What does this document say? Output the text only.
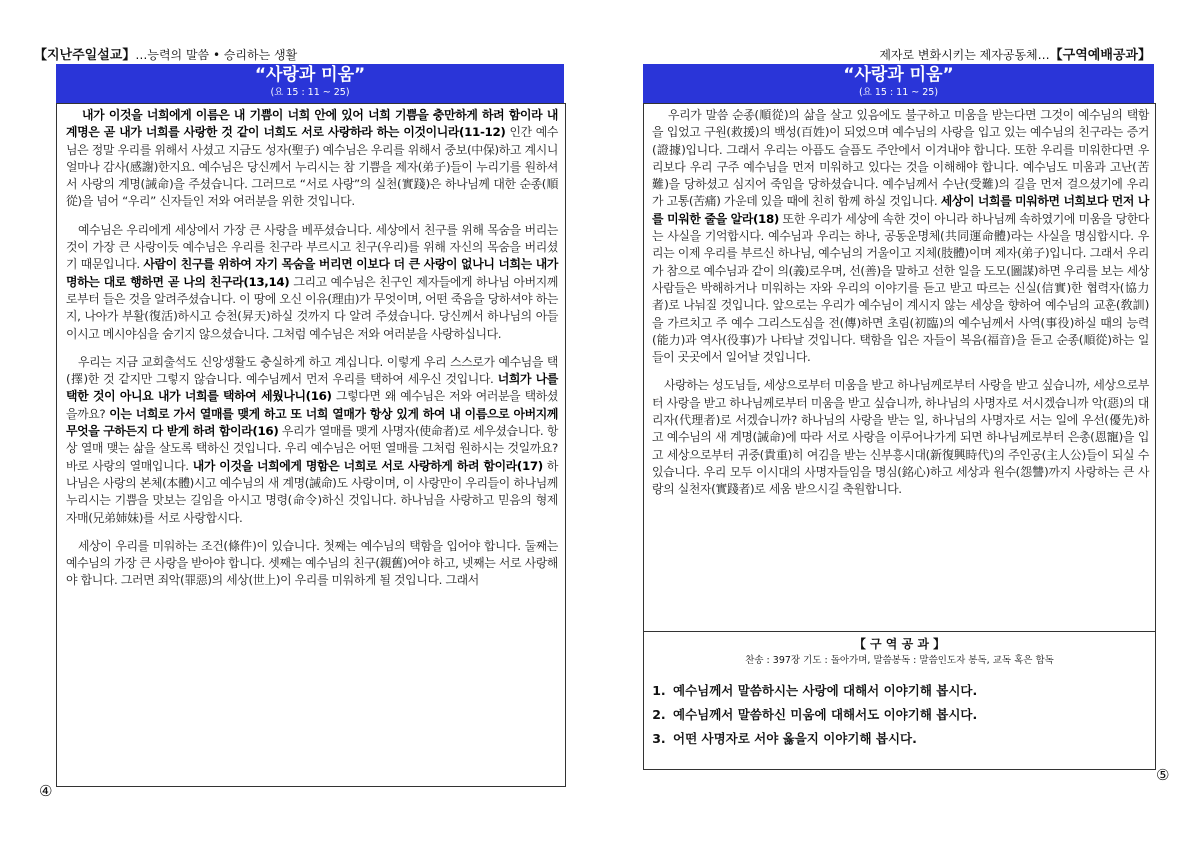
【지난주일설교】…능력의 말씀 • 승리하는 생활
“사랑과 미움”
(요 15 : 11 ~ 25)

내가 이것을 너희에게 이름은 내 기쁨이 너희 안에 있어 너희 기쁨을 충만하게 하려 함이라 내 계명은 곧 내가 너희를 사랑한 것 같이 너희도 서로 사랑하라 하는 이것이니라(11-12) 인간 예수님은 정말 우리를 위해서 사셨고 지금도 성자(聖子) 예수님은 우리를 위해서 중보(中保)하고 계시니 얼마나 감사(感謝)한지요. 예수님은 당신께서 누리시는 참 기쁨을 제자(弟子)들이 누리기를 원하셔서 사랑의 계명(誡命)을 주셨습니다. 그러므로 “서로 사랑”의 실천(實踐)은 하나님께 대한 순종(順從)을 넘어 “우리” 신자들인 저와 여러분을 위한 것입니다.

예수님은 우리에게 세상에서 가장 큰 사랑을 베푸셨습니다. 세상에서 친구를 위해 목숨을 버리는 것이 가장 큰 사랑이듯 예수님은 우리를 친구라 부르시고 친구(우리)를 위해 자신의 목숨을 버리셨기 때문입니다. 사람이 친구를 위하여 자기 목숨을 버리면 이보다 더 큰 사랑이 없나니 너희는 내가 명하는 대로 행하면 곧 나의 친구라(13,14) 그리고 예수님은 친구인 제자들에게 하나님 아버지께로부터 들은 것을 알려주셨습니다. 이 땅에 오신 이유(理由)가 무엇이며, 어떤 죽음을 당하셔야 하는지, 나아가 부활(復活)하시고 승천(昇天)하실 것까지 다 알려 주셨습니다. 당신께서 하나님의 아들이시고 메시야심을 숨기지 않으셨습니다. 그처럼 예수님은 저와 여러분을 사랑하십니다.

우리는 지금 교회출석도 신앙생활도 충실하게 하고 계십니다. 이렇게 우리 스스로가 예수님을 택(擇)한 것 같지만 그렇지 않습니다. 예수님께서 먼저 우리를 택하여 세우신 것입니다. 너희가 나를 택한 것이 아니요 내가 너희를 택하여 세웠나니(16) 그렇다면 왜 예수님은 저와 여러분을 택하셨을까요? 이는 너희로 가서 열매를 맺게 하고 또 너희 열매가 항상 있게 하여 내 이름으로 아버지께 무엇을 구하든지 다 받게 하려 함이라(16) 우리가 열매를 맺게 사명자(使命者)로 세우셨습니다. 항상 열매 맺는 삶을 살도록 택하신 것입니다. 우리 예수님은 어떤 열매를 그처럼 원하시는 것일까요? 바로 사랑의 열매입니다. 내가 이것을 너희에게 명함은 너희로 서로 사랑하게 하려 함이라(17) 하나님은 사랑의 본체(本體)시고 예수님의 새 계명(誡命)도 사랑이며, 이 사랑만이 우리들이 하나님께 누리시는 기쁨을 맛보는 길임을 아시고 명령(命令)하신 것입니다. 하나님을 사랑하고 믿음의 형제자매(兄弟姉妹)를 서로 사랑합시다.

세상이 우리를 미워하는 조건(條件)이 있습니다. 첫째는 예수님의 택함을 입어야 합니다. 둘째는 예수님의 가장 큰 사랑을 받아야 합니다. 셋째는 예수님의 친구(親舊)여야 하고, 넷째는 서로 사랑해야 합니다. 그러면 죄악(罪惡)의 세상(世上)이 우리를 미워하게 될 것입니다. 그래서

④
제자로 변화시키는 제자공동체…【구역예배공과】
“사랑과 미움”
(요 15 : 11 ~ 25)

우리가 말씀 순종(順從)의 삶을 살고 있음에도 불구하고 미움을 받는다면 그것이 예수님의 택함을 입었고 구원(救援)의 백성(百姓)이 되었으며 예수님의 사랑을 입고 있는 예수님의 친구라는 증거(證據)입니다. 그래서 우리는 아픔도 슬픔도 주안에서 이겨내야 합니다. 또한 우리를 미워한다면 우리보다 우리 구주 예수님을 먼저 미워하고 있다는 것을 이해해야 합니다. 예수님도 미움과 고난(苦難)을 당하셨고 심지어 죽임을 당하셨습니다. 예수님께서 수난(受難)의 길을 먼저 걸으셨기에 우리가 고통(苦痛) 가운데 있을 때에 친히 함께 하실 것입니다. 세상이 너희를 미워하면 너희보다 먼저 나를 미워한 줄을 알라(18) 또한 우리가 세상에 속한 것이 아니라 하나님께 속하였기에 미움을 당한다는 사실을 기억합시다. 예수님과 우리는 하나, 공동운명체(共同運命體)라는 사실을 명심합시다. 우리는 이제 우리를 부르신 하나님, 예수님의 거울이고 지체(肢體)이며 제자(弟子)입니다. 그래서 우리가 참으로 예수님과 같이 의(義)로우며, 선(善)을 말하고 선한 일을 도모(圖謀)하면 우리를 보는 세상 사람들은 박해하거나 미워하는 자와 우리의 이야기를 듣고 받고 따르는 신실(信實)한 협력자(協力者)로 나눠질 것입니다. 앞으로는 우리가 예수님이 계시지 않는 세상을 향하여 예수님의 교훈(敎訓)을 가르치고 주 예수 그리스도심을 전(傳)하면 초림(初臨)의 예수님께서 사역(事役)하실 때의 능력(能力)과 역사(役事)가 나타날 것입니다. 택함을 입은 자들이 복음(福音)을 듣고 순종(順從)하는 일들이 곳곳에서 일어날 것입니다.

사랑하는 성도님들, 세상으로부터 미움을 받고 하나님께로부터 사랑을 받고 싶습니까, 세상으로부터 사랑을 받고 하나님께로부터 미움을 받고 싶습니까, 하나님의 사명자로 서시겠습니까 악(惡)의 대리자(代理者)로 서겠습니까? 하나님의 사랑을 받는 일, 하나님의 사명자로 서는 일에 우선(優先)하고 예수님의 새 계명(誡命)에 따라 서로 사랑을 이루어나가게 되면 하나님께로부터 은총(恩寵)을 입고 세상으로부터 귀중(貴重)히 여김을 받는 신부흥시대(新復興時代)의 주인공(主人公)들이 되실 수 있습니다. 우리 모두 이시대의 사명자들임을 명심(銘心)하고 세상과 원수(怨讐)까지 사랑하는 큰 사랑의 실천자(實踐者)로 세움 받으시길 축원합니다.

【 구 역 공 과 】
찬송 : 397장 기도 : 돌아가며, 말씀봉독 : 말씀인도자 봉독, 교독 혹은 합독
1. 예수님께서 말씀하시는 사랑에 대해서 이야기해 봅시다.
2. 예수님께서 말씀하신 미움에 대해서도 이야기해 봅시다.
3. 어떤 사명자로 서야 옳을지 이야기해 봅시다.
⑤
